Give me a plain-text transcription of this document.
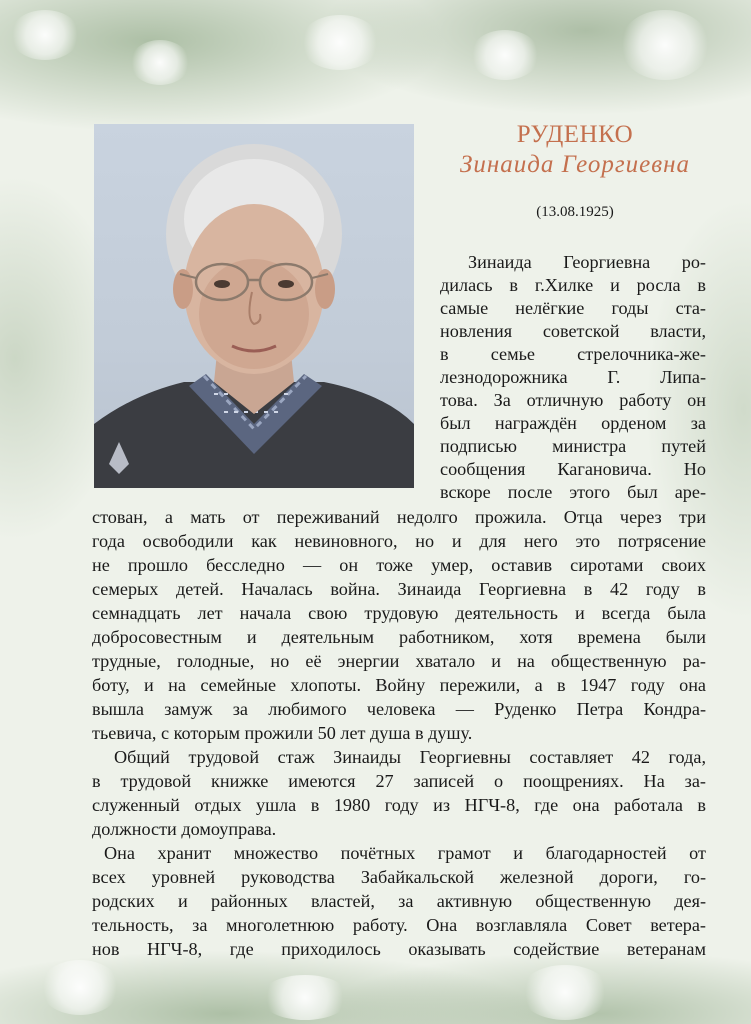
РУДЕНКО
Зинаида Георгиевна
(13.08.1925)
Зинаида Георгиевна ро-
дилась в г.Хилке и росла в
самые нелёгкие годы ста-
новления советской власти,
в семье стрелочника-же-
лезнодорожника Г. Липа-
това. За отличную работу он
был награждён орденом за
подписью министра путей
сообщения Кагановича. Но
вскоре после этого был аре-
стован, а мать от переживаний недолго прожила. Отца через три
года освободили как невиновного, но и для него это потрясение
не прошло бесследно — он тоже умер, оставив сиротами своих
семерых детей. Началась война. Зинаида Георгиевна в 42 году в
семнадцать лет начала свою трудовую деятельность и всегда была
добросовестным и деятельным работником, хотя времена были
трудные, голодные, но её энергии хватало и на общественную ра-
боту, и на семейные хлопоты. Войну пережили, а в 1947 году она
вышла замуж за любимого человека — Руденко Петра Кондра-
тьевича, с которым прожили 50 лет душа в душу.
Общий трудовой стаж Зинаиды Георгиевны составляет 42 года,
в трудовой книжке имеются 27 записей о поощрениях. На за-
служенный отдых ушла в 1980 году из НГЧ-8, где она работала в
должности домоуправа.
Она хранит множество почётных грамот и благодарностей от
всех уровней руководства Забайкальской железной дороги, го-
родских и районных властей, за активную общественную дея-
тельность, за многолетнюю работу. Она возглавляла Совет ветера-
нов НГЧ-8, где приходилось оказывать содействие ветеранам
